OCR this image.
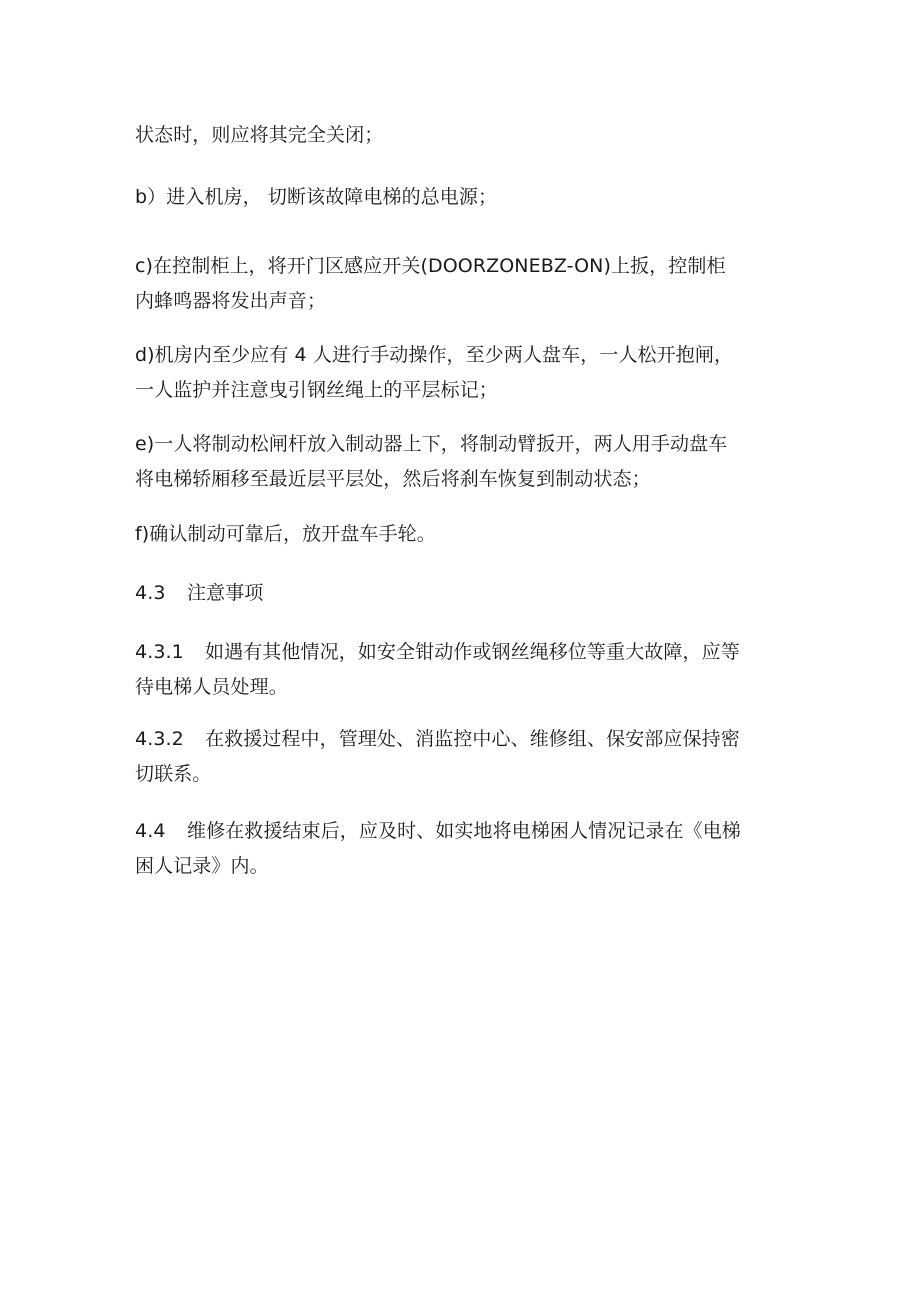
状态时，则应将其完全关闭；

b）进入机房， 切断该故障电梯的总电源；

c)在控制柜上，将开门区感应开关(DOORZONEBZ-ON)上扳，控制柜
内蜂鸣器将发出声音；

d)机房内至少应有 4 人进行手动操作，至少两人盘车，一人松开抱闸，
一人监护并注意曳引钢丝绳上的平层标记；

e)一人将制动松闸杆放入制动器上下，将制动臂扳开，两人用手动盘车
将电梯轿厢移至最近层平层处，然后将刹车恢复到制动状态；

f)确认制动可靠后，放开盘车手轮。

4.3 注意事项

4.3.1 如遇有其他情况，如安全钳动作或钢丝绳移位等重大故障，应等
待电梯人员处理。

4.3.2 在救援过程中，管理处、消监控中心、维修组、保安部应保持密
切联系。

4.4 维修在救援结束后，应及时、如实地将电梯困人情况记录在《电梯
困人记录》内。
